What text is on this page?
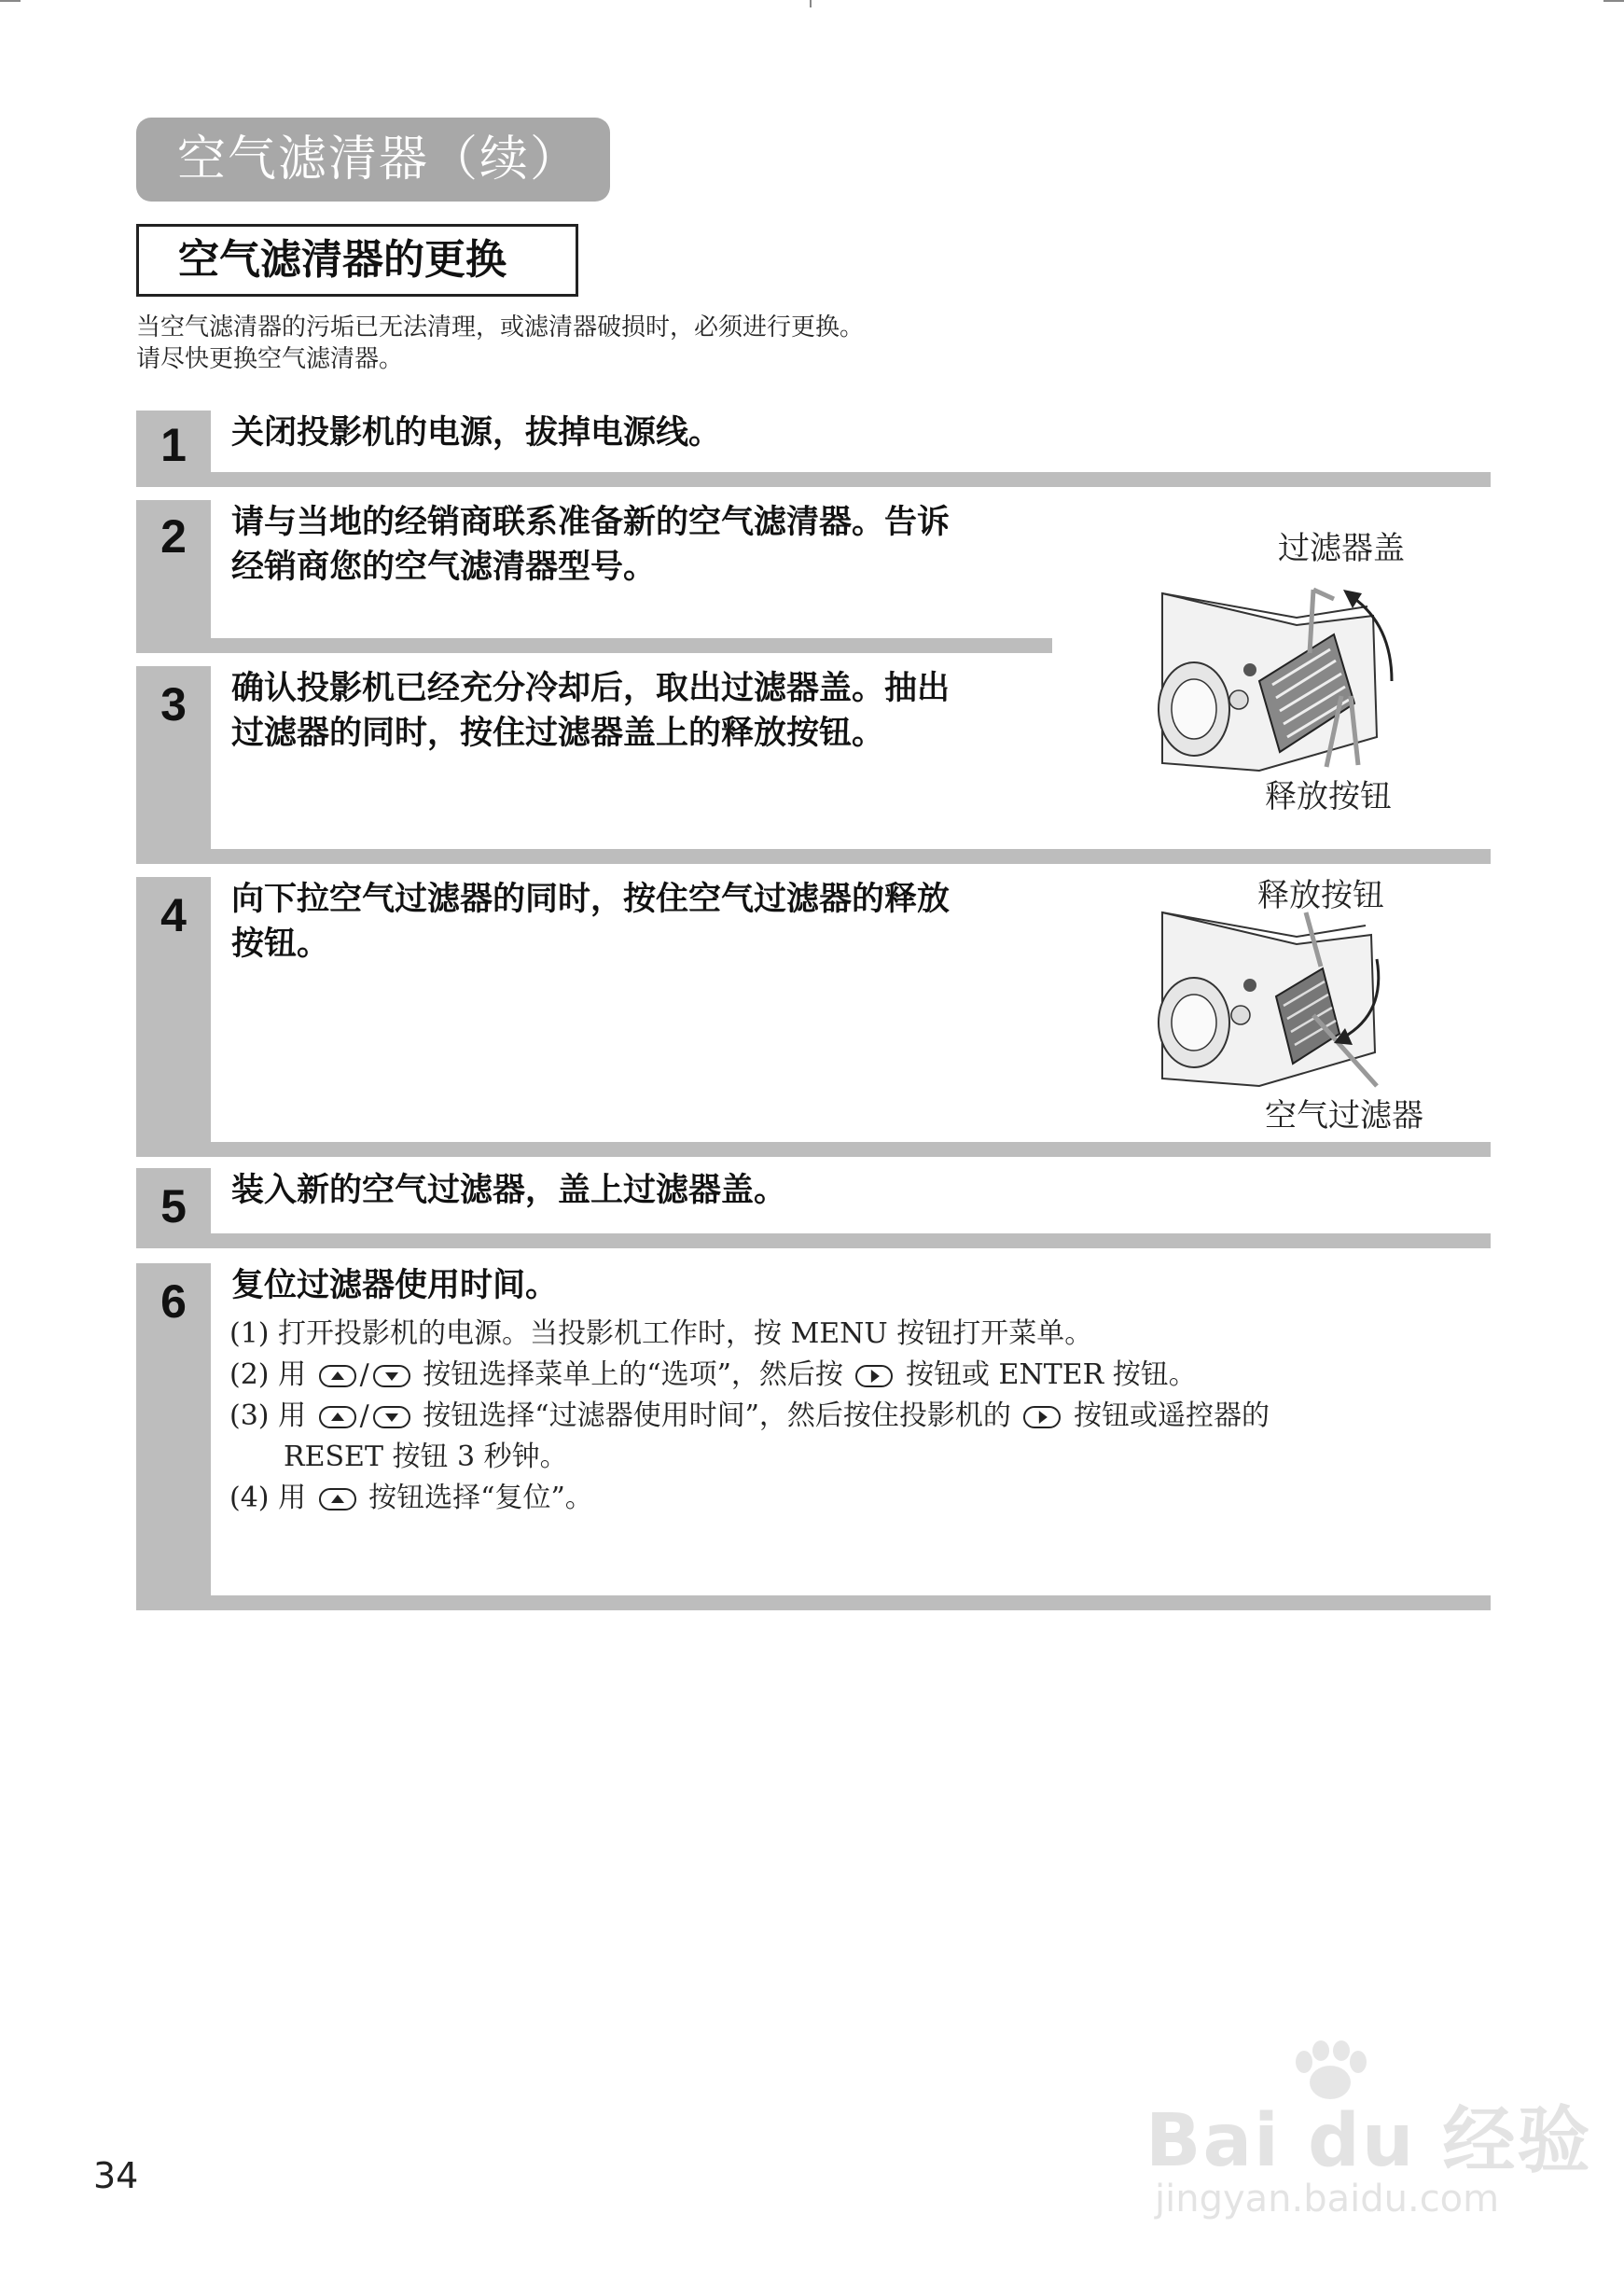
空气滤清器（续）
空气滤清器的更换
当空气滤清器的污垢已无法清理，或滤清器破损时，必须进行更换。
请尽快更换空气滤清器。
1	关闭投影机的电源，拔掉电源线。
2	请与当地的经销商联系准备新的空气滤清器。告诉
经销商您的空气滤清器型号。
3	确认投影机已经充分冷却后，取出过滤器盖。抽出
过滤器的同时，按住过滤器盖上的释放按钮。
4	向下拉空气过滤器的同时，按住空气过滤器的释放
按钮。
5	装入新的空气过滤器，盖上过滤器盖。
6	复位过滤器使用时间。
(1) 打开投影机的电源。当投影机工作时，按 MENU 按钮打开菜单。
(2) 用 / 按钮选择菜单上的“选项”，然后按 按钮或 ENTER 按钮。
(3) 用 / 按钮选择“过滤器使用时间”，然后按住投影机的 按钮或遥控器的
RESET 按钮 3 秒钟。
(4) 用 按钮选择“复位”。
过滤器盖
释放按钮
释放按钮
空气过滤器
34	Bai du 经验
jingyan.baidu.com
